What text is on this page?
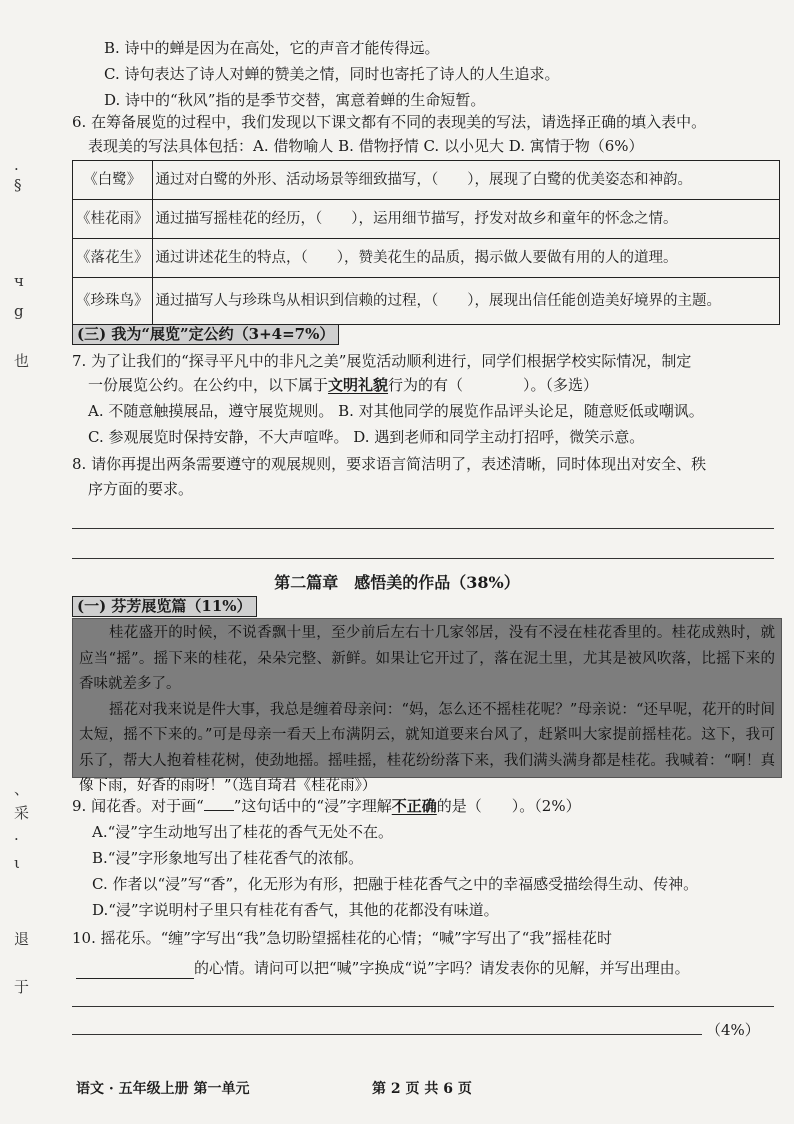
·
§
ч
g
也
、
采
·
ι
退
于
B. 诗中的蝉是因为在高处，它的声音才能传得远。
C. 诗句表达了诗人对蝉的赞美之情，同时也寄托了诗人的人生追求。
D. 诗中的“秋风”指的是季节交替，寓意着蝉的生命短暂。
6. 在筹备展览的过程中，我们发现以下课文都有不同的表现美的写法，请选择正确的填入表中。
表现美的写法具体包括：A. 借物喻人 B. 借物抒情 C. 以小见大 D. 寓情于物（6%）
《白鹭》	通过对白鹭的外形、活动场景等细致描写，（　　），展现了白鹭的优美姿态和神韵。
《桂花雨》	通过描写摇桂花的经历，（　　），运用细节描写，抒发对故乡和童年的怀念之情。
《落花生》	通过讲述花生的特点，（　　），赞美花生的品质，揭示做人要做有用的人的道理。
《珍珠鸟》	通过描写人与珍珠鸟从相识到信赖的过程，（　　），展现出信任能创造美好境界的主题。
(三) 我为“展览”定公约（3+4=7%）
7. 为了让我们的“探寻平凡中的非凡之美”展览活动顺利进行，同学们根据学校实际情况，制定
一份展览公约。在公约中，以下属于文明礼貌行为的有（　　　　）。（多选）
A. 不随意触摸展品，遵守展览规则。 B. 对其他同学的展览作品评头论足，随意贬低或嘲讽。
C. 参观展览时保持安静，不大声喧哗。 D. 遇到老师和同学主动打招呼，微笑示意。
8. 请你再提出两条需要遵守的观展规则，要求语言简洁明了，表述清晰，同时体现出对安全、秩
序方面的要求。
第二篇章　感悟美的作品（38%）
(一) 芬芳展览篇（11%）

桂花盛开的时候，不说香飘十里，至少前后左右十几家邻居，没有不浸在桂花香里的。桂花成熟时，就应当“摇”。摇下来的桂花，朵朵完整、新鲜。如果让它开过了，落在泥土里，尤其是被风吹落，比摇下来的香味就差多了。

摇花对我来说是件大事，我总是缠着母亲问：“妈，怎么还不摇桂花呢？”母亲说：“还早呢，花开的时间太短，摇不下来的。”可是母亲一看天上布满阴云，就知道要来台风了，赶紧叫大家提前摇桂花。这下，我可乐了，帮大人抱着桂花树，使劲地摇。摇哇摇，桂花纷纷落下来，我们满头满身都是桂花。我喊着：“啊！真像下雨，好香的雨呀！”（选自琦君《桂花雨》）

9. 闻花香。对于画“ ”这句话中的“浸”字理解不正确的是（　　）。（2%）
A.“浸”字生动地写出了桂花的香气无处不在。
B.“浸”字形象地写出了桂花香气的浓郁。
C. 作者以“浸”写“香”，化无形为有形，把融于桂花香气之中的幸福感受描绘得生动、传神。
D.“浸”字说明村子里只有桂花有香气，其他的花都没有味道。
10. 摇花乐。“缠”字写出“我”急切盼望摇桂花的心情；“喊”字写出了“我”摇桂花时
的心情。请问可以把“喊”字换成“说”字吗？请发表你的见解，并写出理由。
（4%）
语文 · 五年级上册 第一单元	第 2 页 共 6 页
